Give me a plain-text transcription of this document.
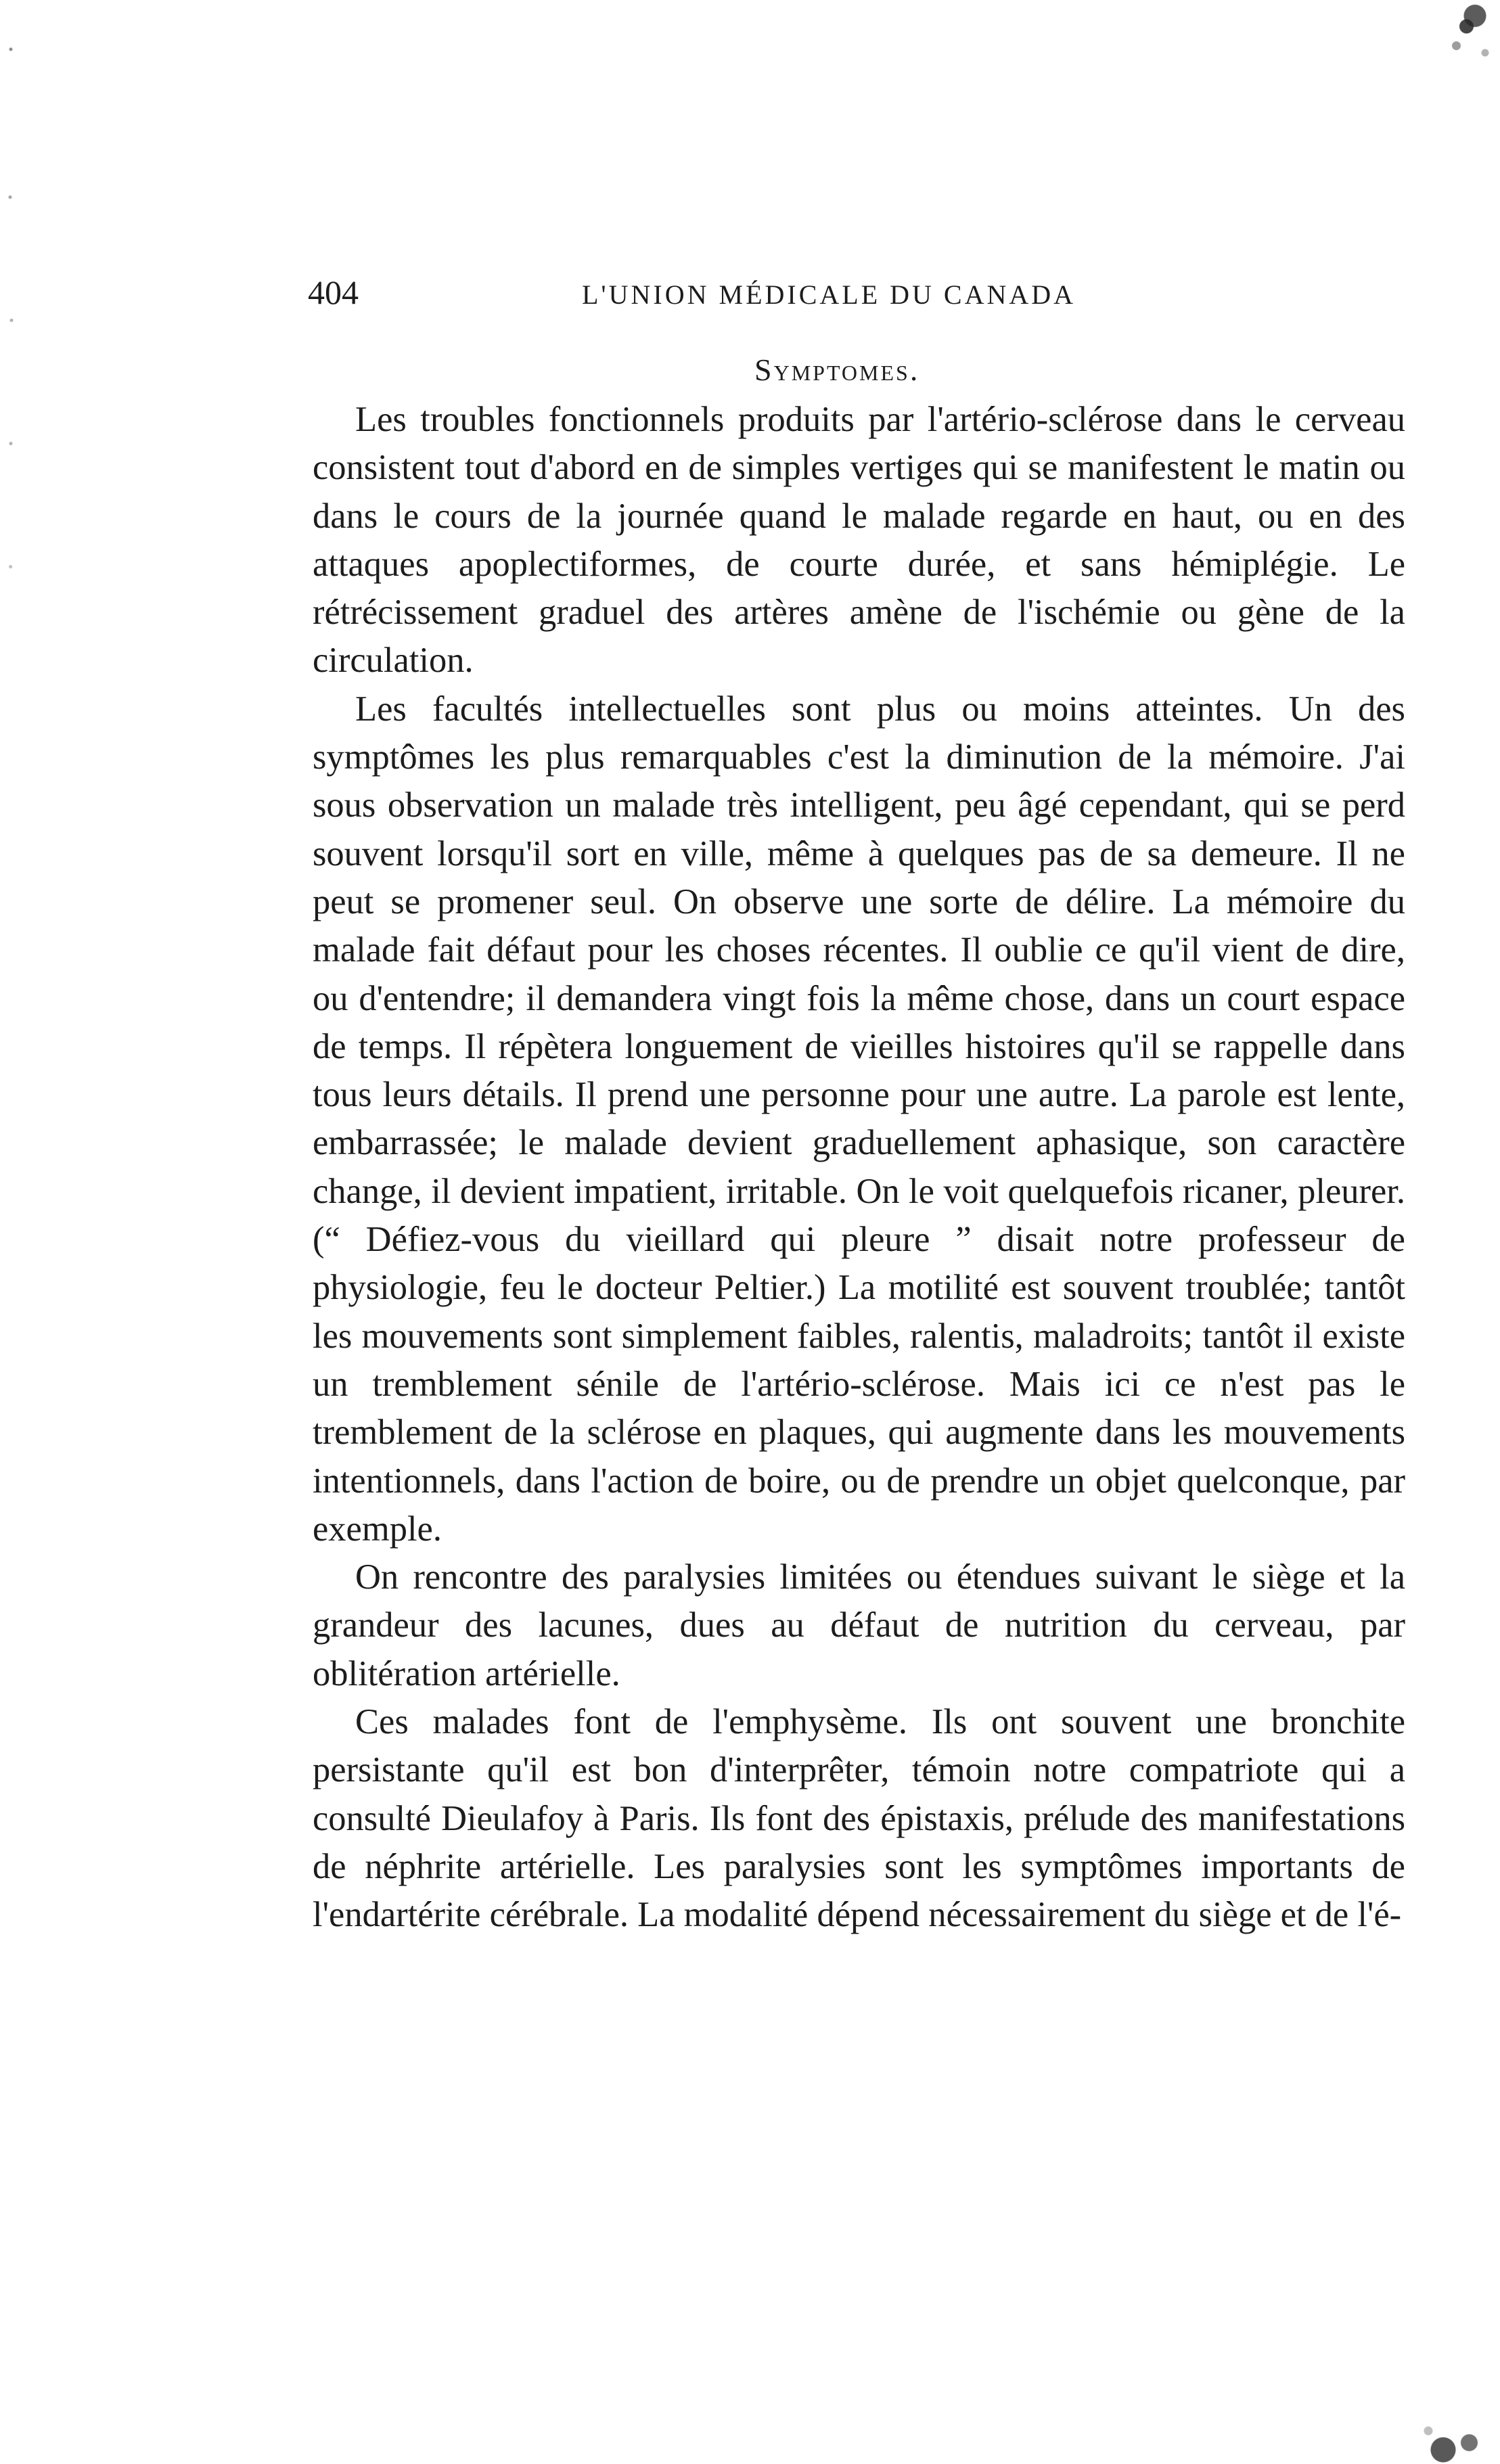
404	L'UNION MÉDICALE DU CANADA
Symptomes.

Les troubles fonctionnels produits par l'artério-sclérose dans le cerveau consistent tout d'abord en de simples vertiges qui se manifestent le matin ou dans le cours de la journée quand le malade regarde en haut, ou en des attaques apoplectiformes, de courte durée, et sans hémiplégie. Le rétrécissement graduel des artères amène de l'ischémie ou gène de la circulation.

Les facultés intellectuelles sont plus ou moins atteintes. Un des symptômes les plus remarquables c'est la diminution de la mémoire. J'ai sous observation un malade très intelligent, peu âgé cependant, qui se perd souvent lorsqu'il sort en ville, même à quelques pas de sa demeure. Il ne peut se promener seul. On observe une sorte de délire. La mémoire du malade fait défaut pour les choses récentes. Il oublie ce qu'il vient de dire, ou d'entendre; il demandera vingt fois la même chose, dans un court espace de temps. Il répètera longuement de vieilles histoires qu'il se rappelle dans tous leurs détails. Il prend une personne pour une autre. La parole est lente, embarrassée; le malade devient graduellement aphasique, son caractère change, il devient impatient, irritable. On le voit quelquefois ricaner, pleurer. (“ Défiez-vous du vieillard qui pleure ” disait notre professeur de physiologie, feu le docteur Peltier.) La motilité est souvent troublée; tantôt les mouvements sont simplement faibles, ralentis, maladroits; tantôt il existe un tremblement sénile de l'artério-sclérose. Mais ici ce n'est pas le tremblement de la sclérose en plaques, qui augmente dans les mouvements intentionnels, dans l'action de boire, ou de prendre un objet quelconque, par exemple.

On rencontre des paralysies limitées ou étendues suivant le siège et la grandeur des lacunes, dues au défaut de nutrition du cerveau, par oblitération artérielle.

Ces malades font de l'emphysème. Ils ont souvent une bronchite persistante qu'il est bon d'interprêter, témoin notre compatriote qui a consulté Dieulafoy à Paris. Ils font des épistaxis, prélude des manifestations de néphrite artérielle. Les paralysies sont les symptômes importants de l'endartérite cérébrale. La modalité dépend nécessairement du siège et de l'é-
